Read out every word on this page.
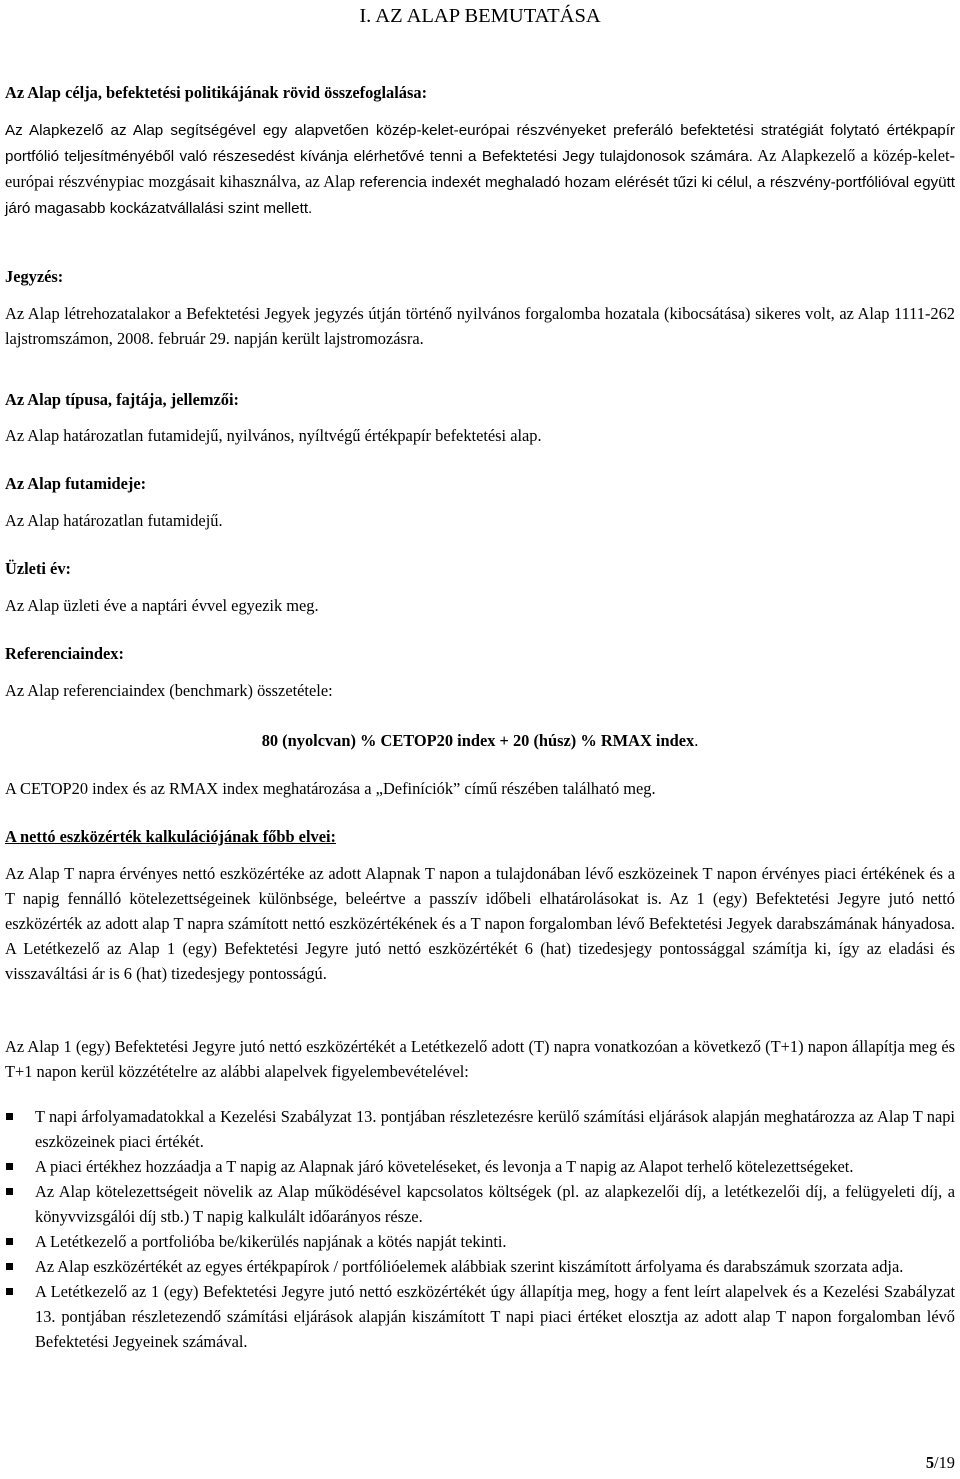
I. AZ ALAP BEMUTATÁSA

Az Alap célja, befektetési politikájának rövid összefoglalása:

Az Alapkezelő az Alap segítségével egy alapvetően közép-kelet-európai részvényeket preferáló befektetési stratégiát folytató értékpapír portfólió teljesítményéből való részesedést kívánja elérhetővé tenni a Befektetési Jegy tulajdonosok számára. Az Alapkezelő a közép-kelet-európai részvénypiac mozgásait kihasználva, az Alap referencia indexét meghaladó hozam elérését tűzi ki célul, a részvény-portfólióval együtt járó magasabb kockázatvállalási szint mellett.

Jegyzés:

Az Alap létrehozatalakor a Befektetési Jegyek jegyzés útján történő nyilvános forgalomba hozatala (kibocsátása) sikeres volt, az Alap 1111-262 lajstromszámon, 2008. február 29. napján került lajstromozásra.

Az Alap típusa, fajtája, jellemzői:

Az Alap határozatlan futamidejű, nyilvános, nyíltvégű értékpapír befektetési alap.

Az Alap futamideje:

Az Alap határozatlan futamidejű.

Üzleti év:

Az Alap üzleti éve a naptári évvel egyezik meg.

Referenciaindex:

Az Alap referenciaindex (benchmark) összetétele:

80 (nyolcvan) % CETOP20 index + 20 (húsz) % RMAX index.

A CETOP20 index és az RMAX index meghatározása a „Definíciók” című részében található meg.

A nettó eszközérték kalkulációjának főbb elvei:

Az Alap T napra érvényes nettó eszközértéke az adott Alapnak T napon a tulajdonában lévő eszközeinek T napon érvényes piaci értékének és a T napig fennálló kötelezettségeinek különbsége, beleértve a passzív időbeli elhatárolásokat is. Az 1 (egy) Befektetési Jegyre jutó nettó eszközérték az adott alap T napra számított nettó eszközértékének és a T napon forgalomban lévő Befektetési Jegyek darabszámának hányadosa. A Letétkezelő az Alap 1 (egy) Befektetési Jegyre jutó nettó eszközértékét 6 (hat) tizedesjegy pontossággal számítja ki, így az eladási és visszaváltási ár is 6 (hat) tizedesjegy pontosságú.

Az Alap 1 (egy) Befektetési Jegyre jutó nettó eszközértékét a Letétkezelő adott (T) napra vonatkozóan a következő (T+1) napon állapítja meg és T+1 napon kerül közzétételre az alábbi alapelvek figyelembevételével:

T napi árfolyamadatokkal a Kezelési Szabályzat 13. pontjában részletezésre kerülő számítási eljárások alapján meghatározza az Alap T napi eszközeinek piaci értékét.
A piaci értékhez hozzáadja a T napig az Alapnak járó követeléseket, és levonja a T napig az Alapot terhelő kötelezettségeket.
Az Alap kötelezettségeit növelik az Alap működésével kapcsolatos költségek (pl. az alapkezelői díj, a letétkezelői díj, a felügyeleti díj, a könyvvizsgálói díj stb.) T napig kalkulált időarányos része.
A Letétkezelő a portfolióba be/kikerülés napjának a kötés napját tekinti.
Az Alap eszközértékét az egyes értékpapírok / portfólióelemek alábbiak szerint kiszámított árfolyama és darabszámuk szorzata adja.
A Letétkezelő az 1 (egy) Befektetési Jegyre jutó nettó eszközértékét úgy állapítja meg, hogy a fent leírt alapelvek és a Kezelési Szabályzat 13. pontjában részletezendő számítási eljárások alapján kiszámított T napi piaci értéket elosztja az adott alap T napon forgalomban lévő Befektetési Jegyeinek számával.
5/19
